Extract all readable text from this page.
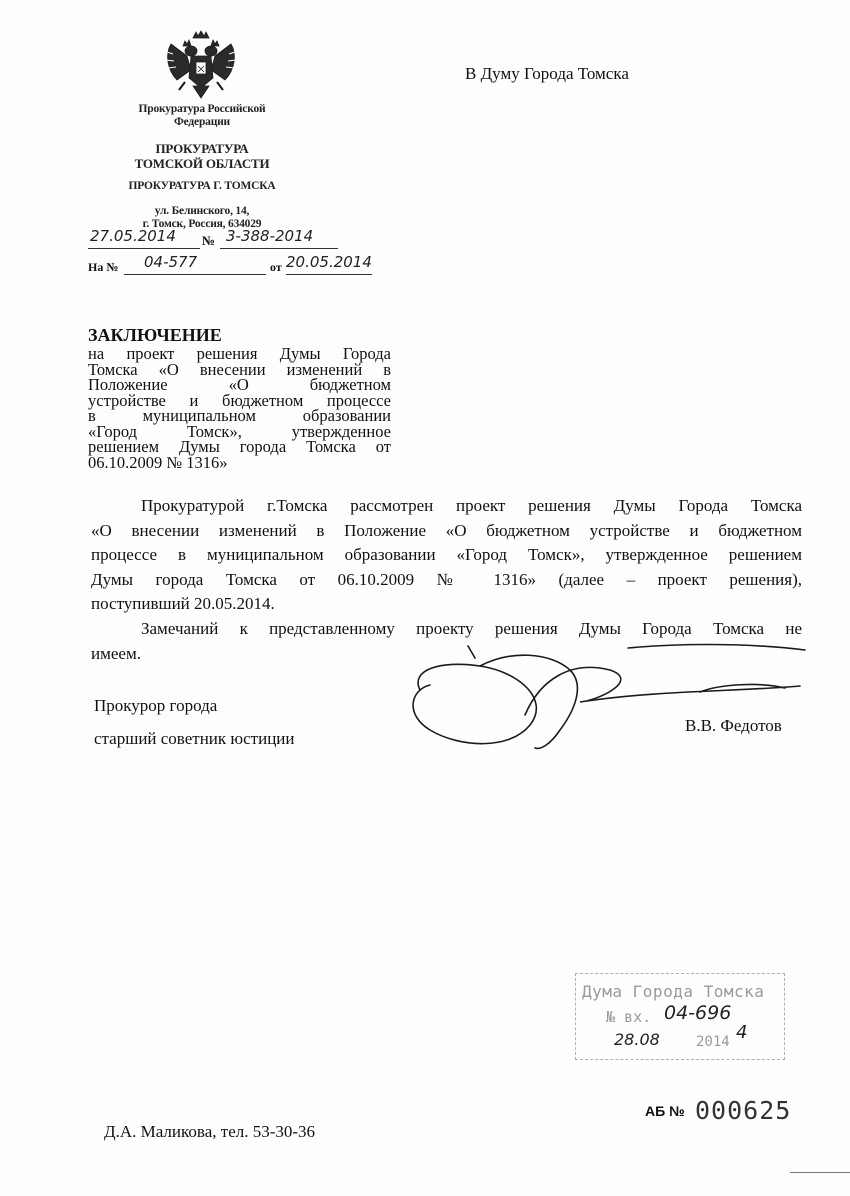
Прокуратура Российской
Федерации
ПРОКУРАТУРА
ТОМСКОЙ ОБЛАСТИ
ПРОКУРАТУРА Г. ТОМСКА
ул. Белинского, 14,
г. Томск, Россия, 634029
27.05.2014 № 3-388-2014
На № 04-577	от 20.05.2014
В Думу Города Томска
ЗАКЛЮЧЕНИЕ
на проект решения Думы Города
Томска «О внесении изменений в
Положение «О бюджетном
устройстве и бюджетном процессе
в муниципальном образовании
«Город Томск», утвержденное
решением Думы города Томска от
06.10.2009 № 1316»
Прокуратурой г.Томска рассмотрен проект решения Думы Города Томска
«О внесении изменений в Положение «О бюджетном устройстве и бюджетном
процессе в муниципальном образовании «Город Томск», утвержденное решением
Думы города Томска от 06.10.2009 № 1316» (далее – проект решения),
поступивший 20.05.2014.
Замечаний к представленному проекту решения Думы Города Томска не
имеем.
Прокурор города
старший советник юстиции
В.В. Федотов
Дума Города Томска
№ вх. 04-696
28.08	2014 4
АБ № 000625
Д.А. Маликова, тел. 53-30-36
